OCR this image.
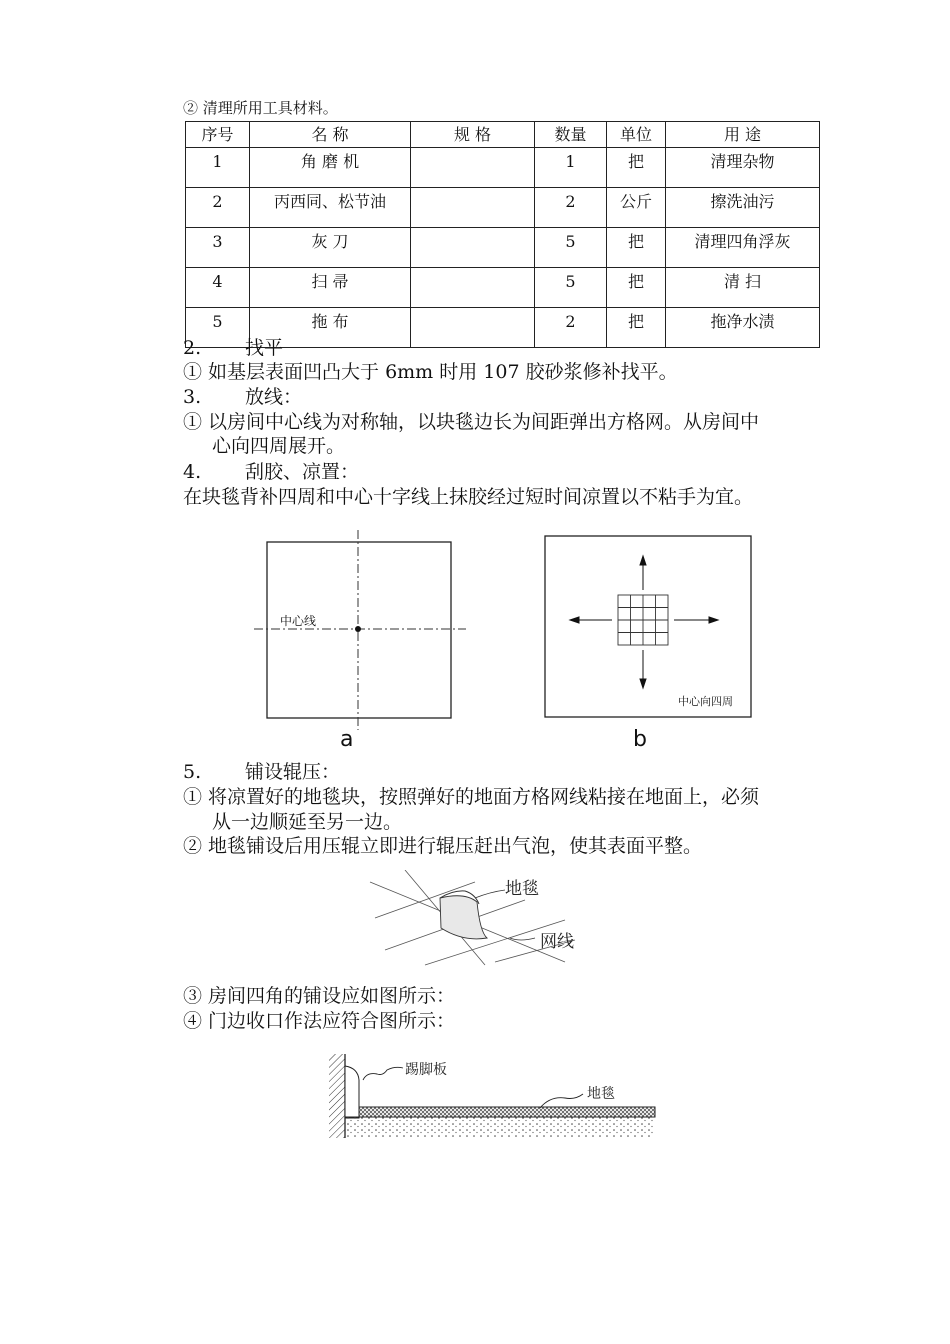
② 清理所用工具材料。
序号	名 称	规 格	数量	单位	用 途
1	角 磨 机		1	把	清理杂物
2	丙西同、松节油		2	公斤	擦洗油污
3	灰 刀		5	把	清理四角浮灰
4	扫 帚		5	把	清 扫
5	拖 布		2	把	拖净水渍
2. 找平
① 如基层表面凹凸大于 6mm 时用 107 胶砂浆修补找平。
3. 放线：
① 以房间中心线为对称轴，以块毯边长为间距弹出方格网。从房间中
心向四周展开。
4. 刮胶、凉置：
在块毯背补四周和中心十字线上抹胶经过短时间凉置以不粘手为宜。
中心线
a
中心向四周
b
5. 铺设辊压：
① 将凉置好的地毯块，按照弹好的地面方格网线粘接在地面上，必须
从一边顺延至另一边。
② 地毯铺设后用压辊立即进行辊压赶出气泡，使其表面平整。
地毯
网线
③ 房间四角的铺设应如图所示：
④ 门边收口作法应符合图所示：
踢脚板
地毯
